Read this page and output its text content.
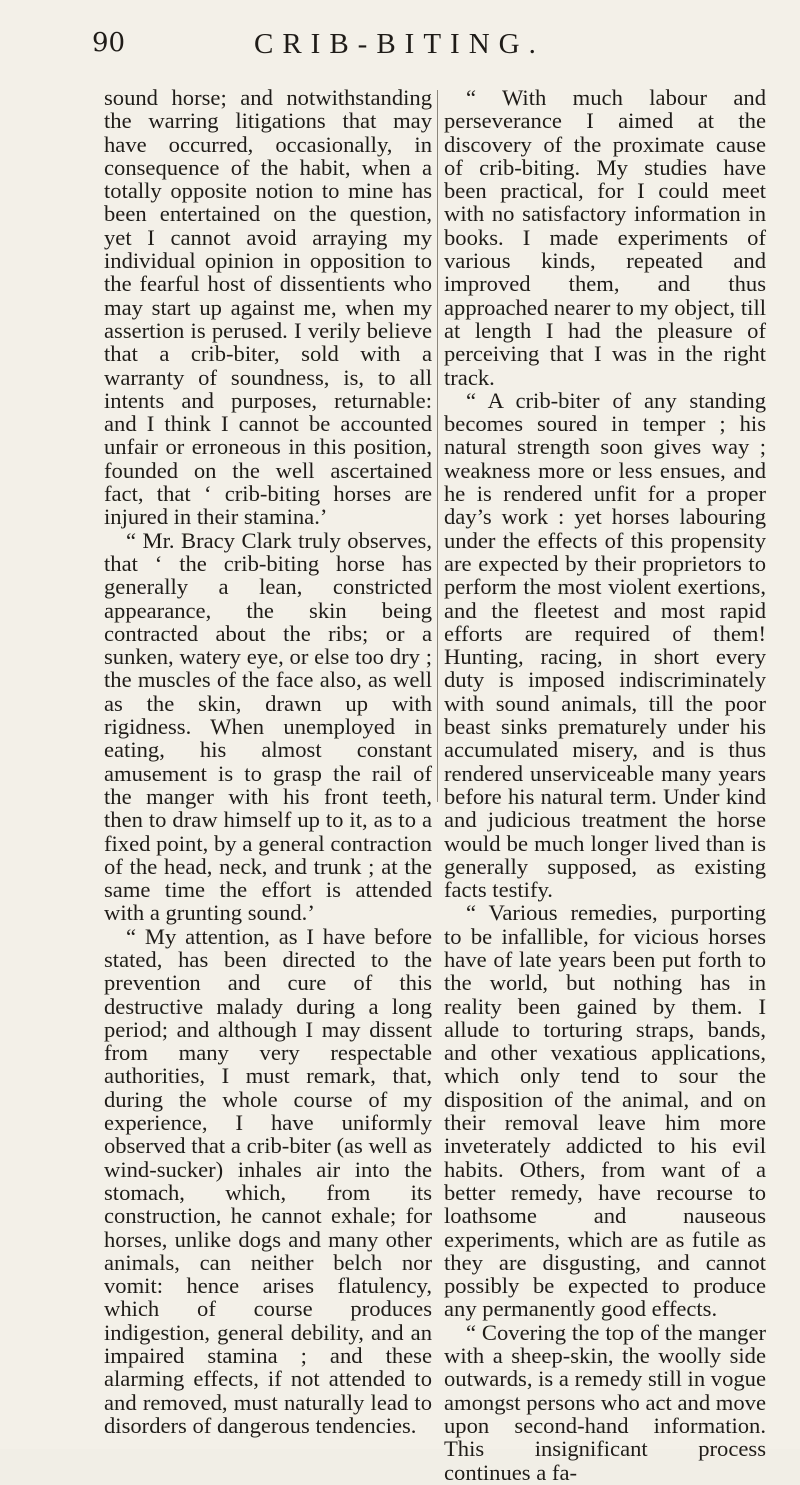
90	CRIB-BITING.

sound horse; and notwithstanding the warring litigations that may have occurred, occasionally, in consequence of the habit, when a totally opposite notion to mine has been entertained on the question, yet I cannot avoid arraying my individual opinion in opposition to the fearful host of dissentients who may start up against me, when my assertion is perused. I verily believe that a crib-biter, sold with a warranty of soundness, is, to all intents and purposes, returnable: and I think I cannot be accounted unfair or erroneous in this position, founded on the well ascertained fact, that ‘ crib-biting horses are injured in their stamina.’

“ Mr. Bracy Clark truly observes, that ‘ the crib-biting horse has generally a lean, constricted appearance, the skin being contracted about the ribs; or a sunken, watery eye, or else too dry ; the muscles of the face also, as well as the skin, drawn up with rigidness. When unemployed in eating, his almost constant amusement is to grasp the rail of the manger with his front teeth, then to draw himself up to it, as to a fixed point, by a general contraction of the head, neck, and trunk ; at the same time the effort is attended with a grunting sound.’

“ My attention, as I have before stated, has been directed to the prevention and cure of this destructive malady during a long period; and although I may dissent from many very respectable authorities, I must remark, that, during the whole course of my experience, I have uniformly observed that a crib-biter (as well as wind-sucker) inhales air into the stomach, which, from its construction, he cannot exhale; for horses, unlike dogs and many other animals, can neither belch nor vomit: hence arises flatulency, which of course produces indigestion, general debility, and an impaired stamina ; and these alarming effects, if not attended to and removed, must naturally lead to disorders of dangerous tendencies.

“ With much labour and perseverance I aimed at the discovery of the proximate cause of crib-biting. My studies have been practical, for I could meet with no satisfactory information in books. I made experiments of various kinds, repeated and improved them, and thus approached nearer to my object, till at length I had the pleasure of perceiving that I was in the right track.

“ A crib-biter of any standing becomes soured in temper ; his natural strength soon gives way ; weakness more or less ensues, and he is rendered unfit for a proper day’s work : yet horses labouring under the effects of this propensity are expected by their proprietors to perform the most violent exertions, and the fleetest and most rapid efforts are required of them! Hunting, racing, in short every duty is imposed indiscriminately with sound animals, till the poor beast sinks prematurely under his accumulated misery, and is thus rendered unserviceable many years before his natural term. Under kind and judicious treatment the horse would be much longer lived than is generally supposed, as existing facts testify.

“ Various remedies, purporting to be infallible, for vicious horses have of late years been put forth to the world, but nothing has in reality been gained by them. I allude to torturing straps, bands, and other vexatious applications, which only tend to sour the disposition of the animal, and on their removal leave him more inveterately addicted to his evil habits. Others, from want of a better remedy, have recourse to loathsome and nauseous experiments, which are as futile as they are disgusting, and cannot possibly be expected to produce any permanently good effects.

“ Covering the top of the manger with a sheep-skin, the woolly side outwards, is a remedy still in vogue amongst persons who act and move upon second-hand information. This insignificant process continues a fa-
